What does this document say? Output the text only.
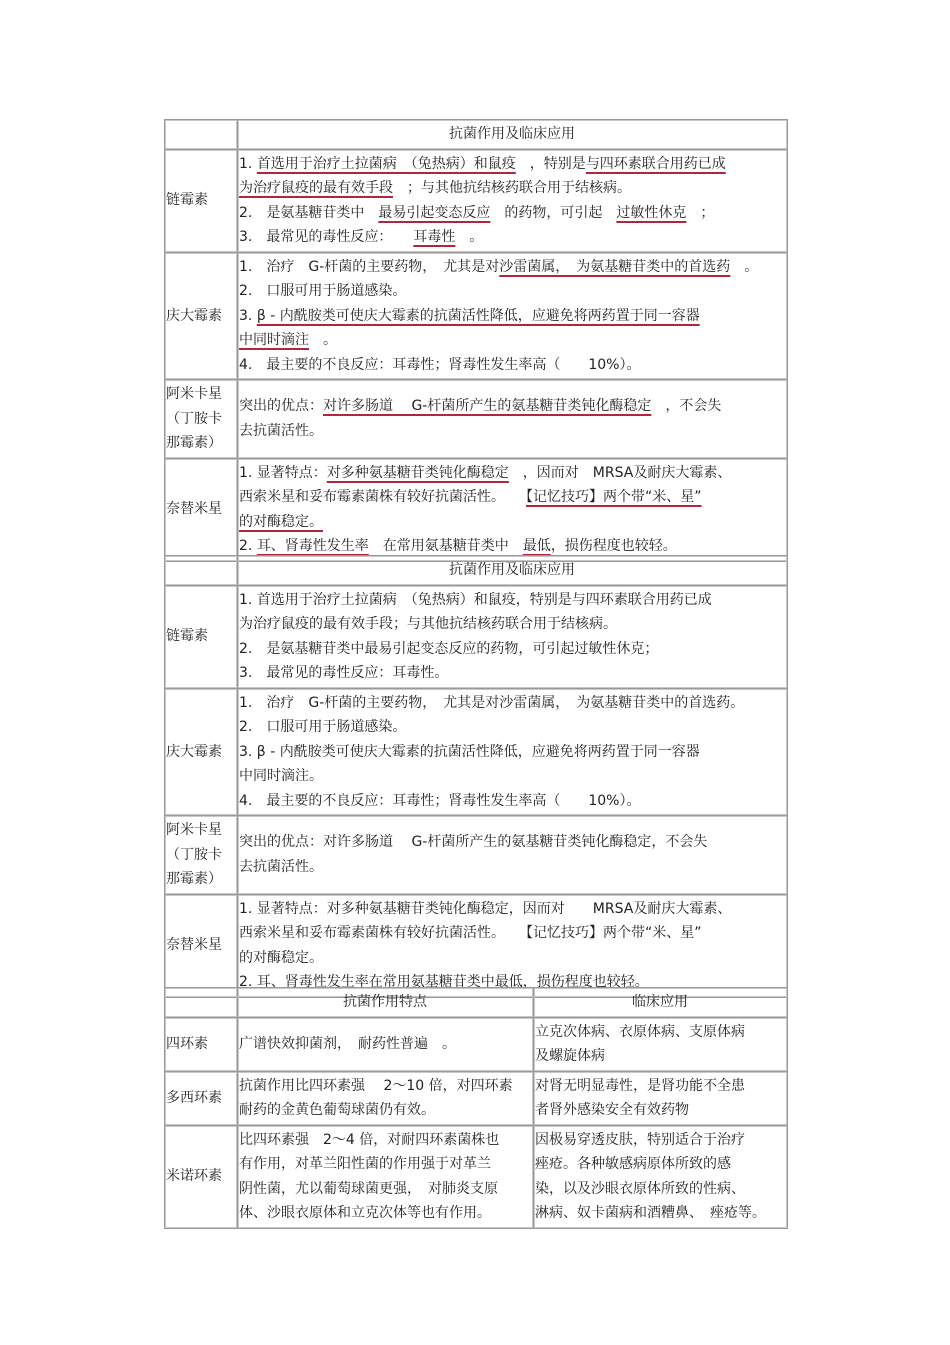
	抗菌作用及临床应用

链霉素	1. 首选用于治疗土拉菌病　（兔热病）和鼠疫　，特别是与四环素联合用药已成
为治疗鼠疫的最有效手段　；与其他抗结核药联合用于结核病。
2.　是氨基糖苷类中　最易引起变态反应　的药物，可引起　过敏性休克　；
3.　最常见的毒性反应：　　耳毒性　。

庆大霉素	1.　治疗　G-杆菌的主要药物，　尤其是对沙雷菌属，　为氨基糖苷类中的首选药　。
2.　口服可用于肠道感染。
3. β - 内酰胺类可使庆大霉素的抗菌活性降低，应避免将两药置于同一容器
中同时滴注　。
4.　最主要的不良反应：耳毒性；肾毒性发生率高（　　10%）。

阿米卡星
（丁胺卡
那霉素）	突出的优点：对许多肠道　 G-杆菌所产生的氨基糖苷类钝化酶稳定　，不会失
去抗菌活性。

奈替米星	1. 显著特点：对多种氨基糖苷类钝化酶稳定　，因而对　MRSA及耐庆大霉素、
西索米星和妥布霉素菌株有较好抗菌活性。　　【记忆技巧】两个带“米、星”
的对酶稳定。
2. 耳、肾毒性发生率　在常用氨基糖苷类中　最低，损伤程度也较轻。
	抗菌作用及临床应用

链霉素	1. 首选用于治疗土拉菌病　（兔热病）和鼠疫，特别是与四环素联合用药已成
为治疗鼠疫的最有效手段；与其他抗结核药联合用于结核病。
2.　是氨基糖苷类中最易引起变态反应的药物，可引起过敏性休克；
3.　最常见的毒性反应：耳毒性。

庆大霉素	1.　治疗　G-杆菌的主要药物，　尤其是对沙雷菌属，　为氨基糖苷类中的首选药。
2.　口服可用于肠道感染。
3. β - 内酰胺类可使庆大霉素的抗菌活性降低，应避免将两药置于同一容器
中同时滴注。
4.　最主要的不良反应：耳毒性；肾毒性发生率高（　　10%）。

阿米卡星
（丁胺卡
那霉素）	突出的优点：对许多肠道　 G-杆菌所产生的氨基糖苷类钝化酶稳定，不会失
去抗菌活性。

奈替米星	1. 显著特点：对多种氨基糖苷类钝化酶稳定，因而对　　MRSA及耐庆大霉素、
西索米星和妥布霉素菌株有较好抗菌活性。　　【记忆技巧】两个带“米、星”
的对酶稳定。
2. 耳、肾毒性发生率在常用氨基糖苷类中最低，损伤程度也较轻。
	抗菌作用特点	临床应用

四环素	广谱快效抑菌剂，　耐药性普遍　。	立克次体病、衣原体病、支原体病
及螺旋体病

多西环素	抗菌作用比四环素强　 2～10 倍，对四环素
耐药的金黄色葡萄球菌仍有效。	对肾无明显毒性，是肾功能不全患
者肾外感染安全有效药物

米诺环素	比四环素强　2～4 倍，对耐四环素菌株也
有作用，对革兰阳性菌的作用强于对革兰
阴性菌，尤以葡萄球菌更强，　对肺炎支原
体、沙眼衣原体和立克次体等也有作用。	因极易穿透皮肤，特别适合于治疗
痤疮。各种敏感病原体所致的感
染，以及沙眼衣原体所致的性病、
淋病、奴卡菌病和酒糟鼻、　痤疮等。
